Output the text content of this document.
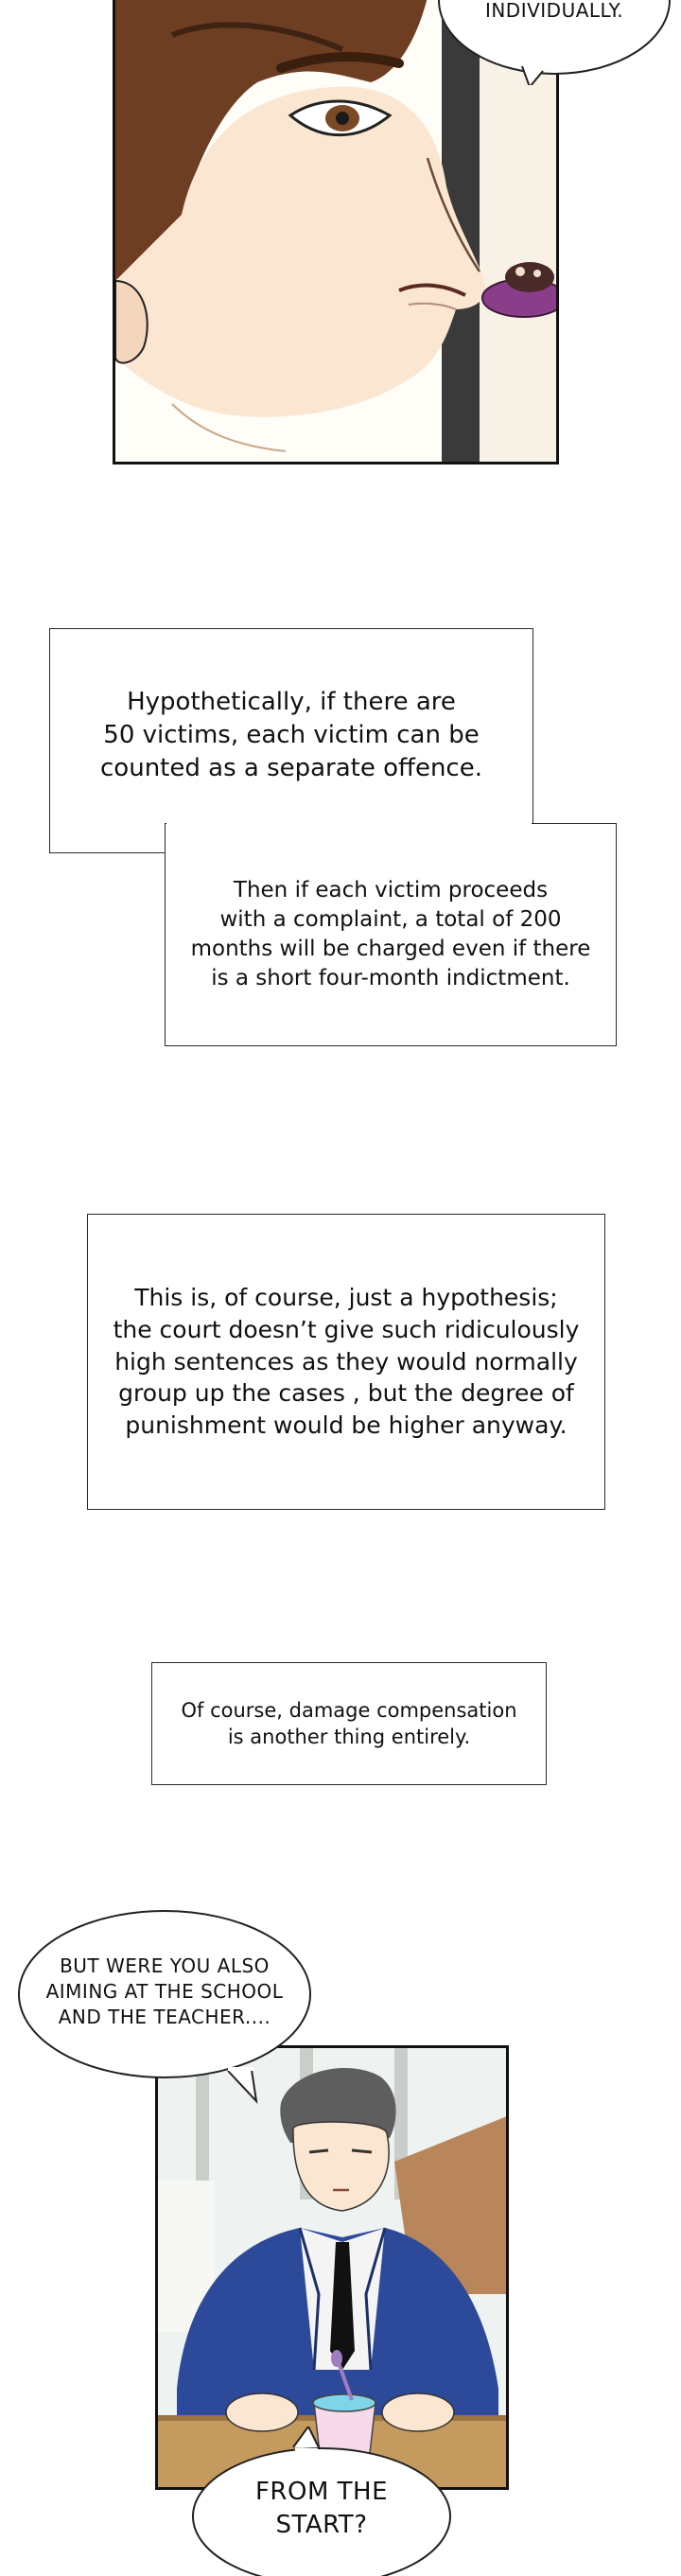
INDIVIDUALLY.
Hypothetically, if there are
50 victims, each victim can be
counted as a separate offence.
Then if each victim proceeds
with a complaint, a total of 200
months will be charged even if there
is a short four-month indictment.
This is, of course, just a hypothesis;
the court doesn’t give such ridiculously
high sentences as they would normally
group up the cases , but the degree of
punishment would be higher anyway.
Of course, damage compensation
is another thing entirely.
BUT WERE YOU ALSO
AIMING AT THE SCHOOL
AND THE TEACHER....
FROM THE
START?
